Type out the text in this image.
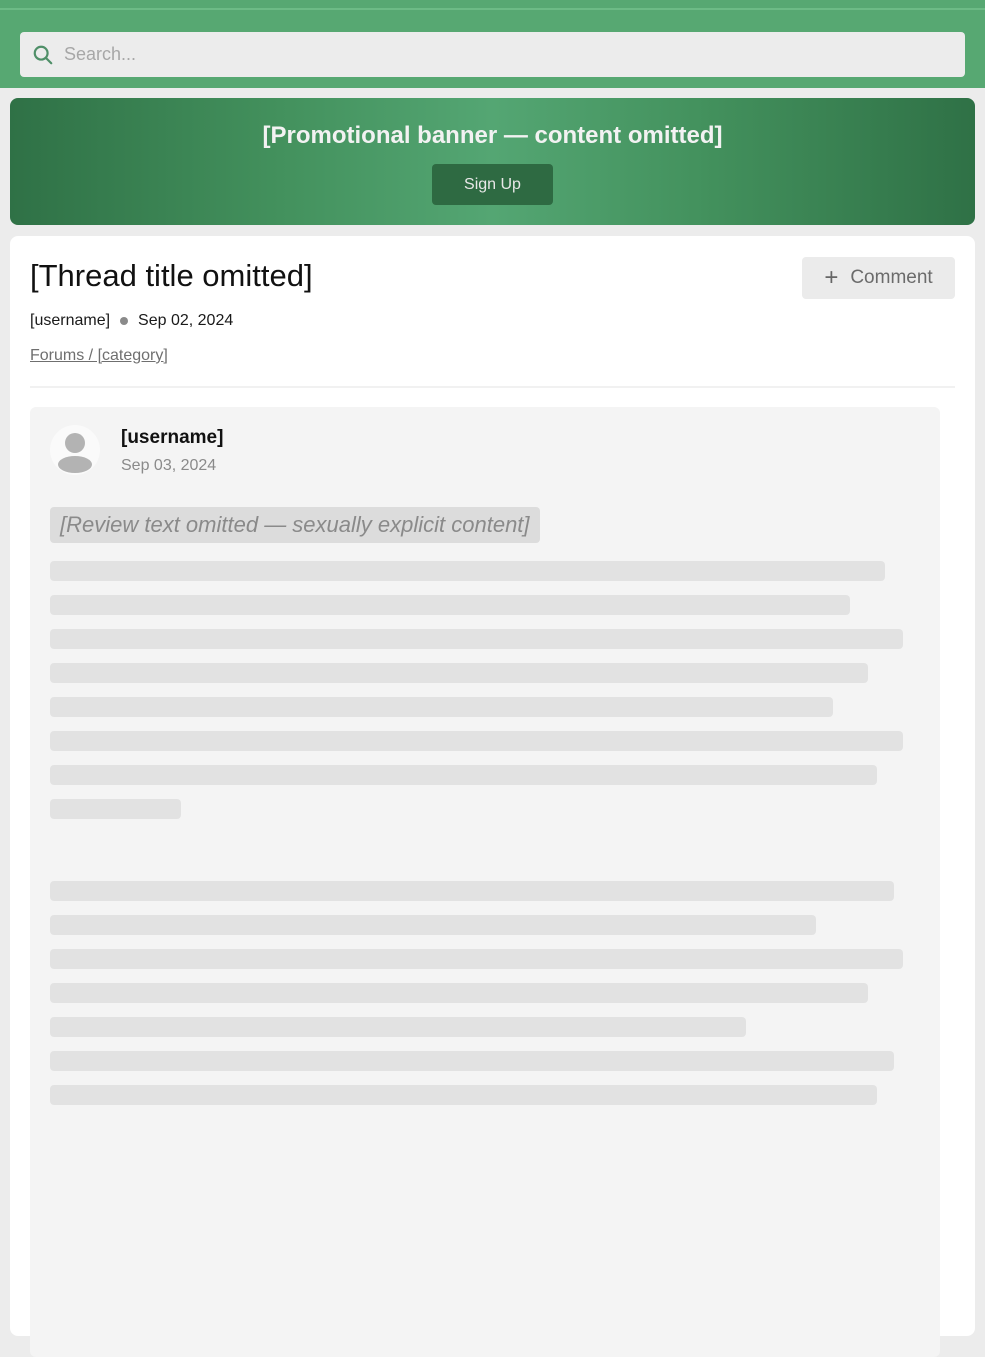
Search...
[Promotional banner — content omitted]
Sign Up
[Thread title omitted]	+ Comment
[username] Sep 02, 2024
Forums / [category]
[username]
Sep 03, 2024
[Review text omitted — sexually explicit content]
